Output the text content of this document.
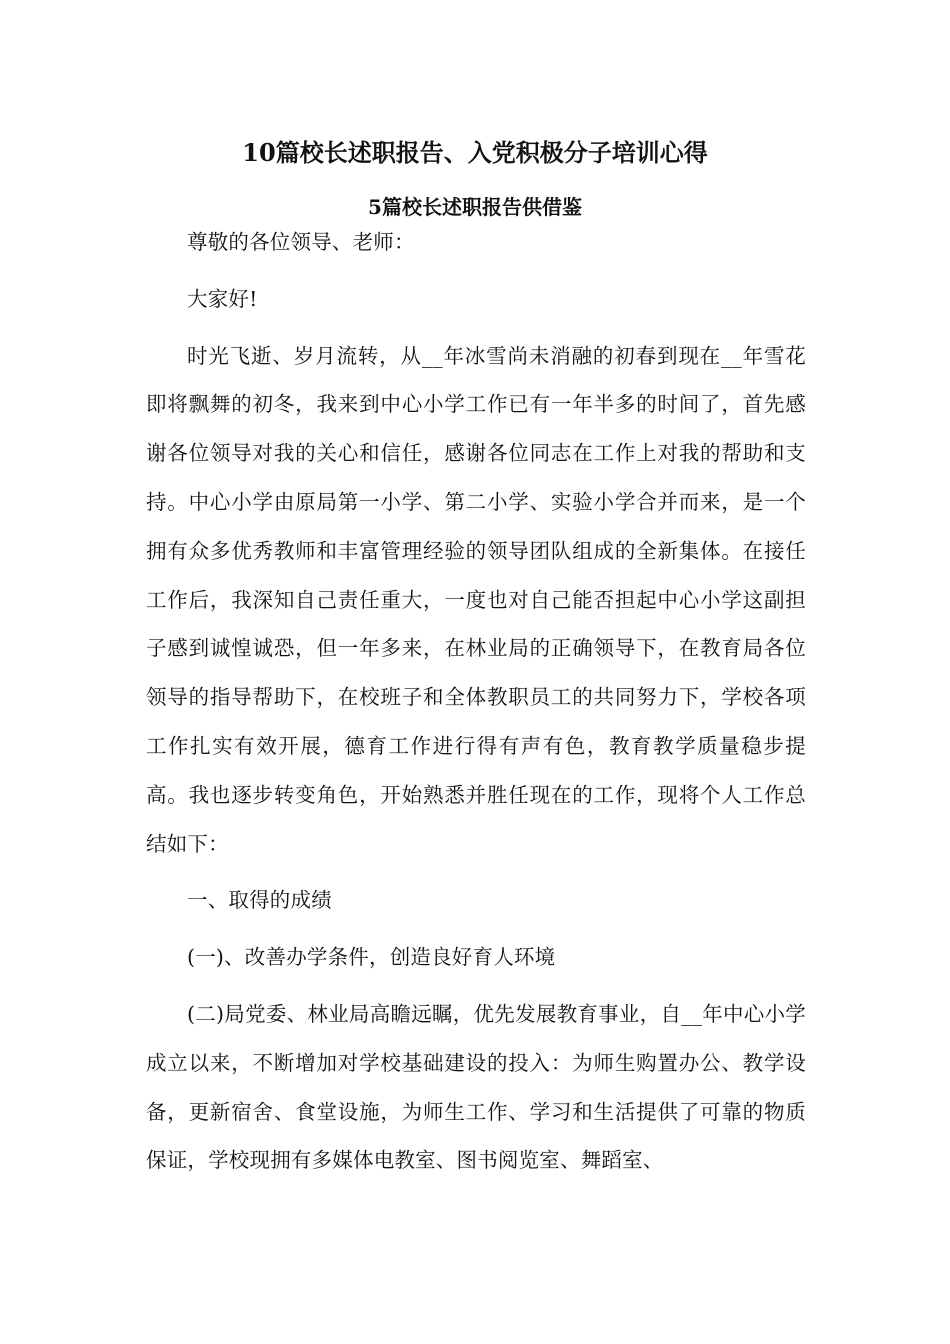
10篇校长述职报告、入党积极分子培训心得
5篇校长述职报告供借鉴

尊敬的各位领导、老师：

大家好!

时光飞逝、岁月流转，从__年冰雪尚未消融的初春到现在__年雪花即将飘舞的初冬，我来到中心小学工作已有一年半多的时间了，首先感谢各位领导对我的关心和信任，感谢各位同志在工作上对我的帮助和支持。中心小学由原局第一小学、第二小学、实验小学合并而来，是一个拥有众多优秀教师和丰富管理经验的领导团队组成的全新集体。在接任工作后，我深知自己责任重大，一度也对自己能否担起中心小学这副担子感到诚惶诚恐，但一年多来，在林业局的正确领导下，在教育局各位领导的指导帮助下，在校班子和全体教职员工的共同努力下，学校各项工作扎实有效开展，德育工作进行得有声有色，教育教学质量稳步提高。我也逐步转变角色，开始熟悉并胜任现在的工作，现将个人工作总结如下：

一、取得的成绩

(一)、改善办学条件，创造良好育人环境

(二)局党委、林业局高瞻远瞩，优先发展教育事业，自__年中心小学成立以来，不断增加对学校基础建设的投入：为师生购置办公、教学设备，更新宿舍、食堂设施，为师生工作、学习和生活提供了可靠的物质保证，学校现拥有多媒体电教室、图书阅览室、舞蹈室、
